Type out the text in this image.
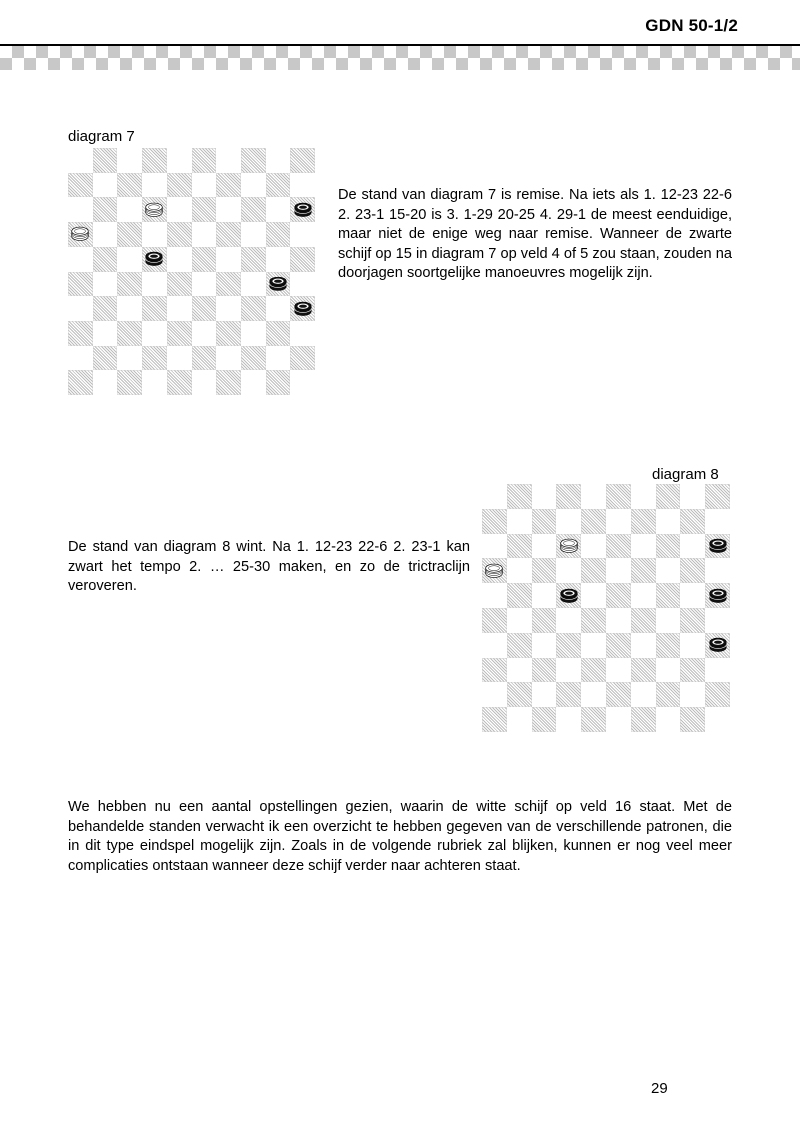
GDN 50-1/2
diagram 7
De stand van diagram 7 is remise. Na iets als 1. 12-23 22-6 2. 23-1 15-20 is 3. 1-29 20-25 4. 29-1 de meest eenduidige, maar niet de enige weg naar remise. Wanneer de zwarte schijf op 15 in diagram 7 op veld 4 of 5 zou staan, zouden na doorjagen soortgelijke manoeuvres mogelijk zijn.
diagram 8
De stand van diagram 8 wint. Na 1. 12-23 22-6 2. 23-1 kan zwart het tempo 2. … 25-30 maken, en zo de trictraclijn veroveren.
We hebben nu een aantal opstellingen gezien, waarin de witte schijf op veld 16 staat. Met de behandelde standen verwacht ik een overzicht te hebben gegeven van de verschillende patronen, die in dit type eindspel mogelijk zijn. Zoals in de volgende rubriek zal blijken, kunnen er nog veel meer complicaties ontstaan wanneer deze schijf verder naar achteren staat.
29
